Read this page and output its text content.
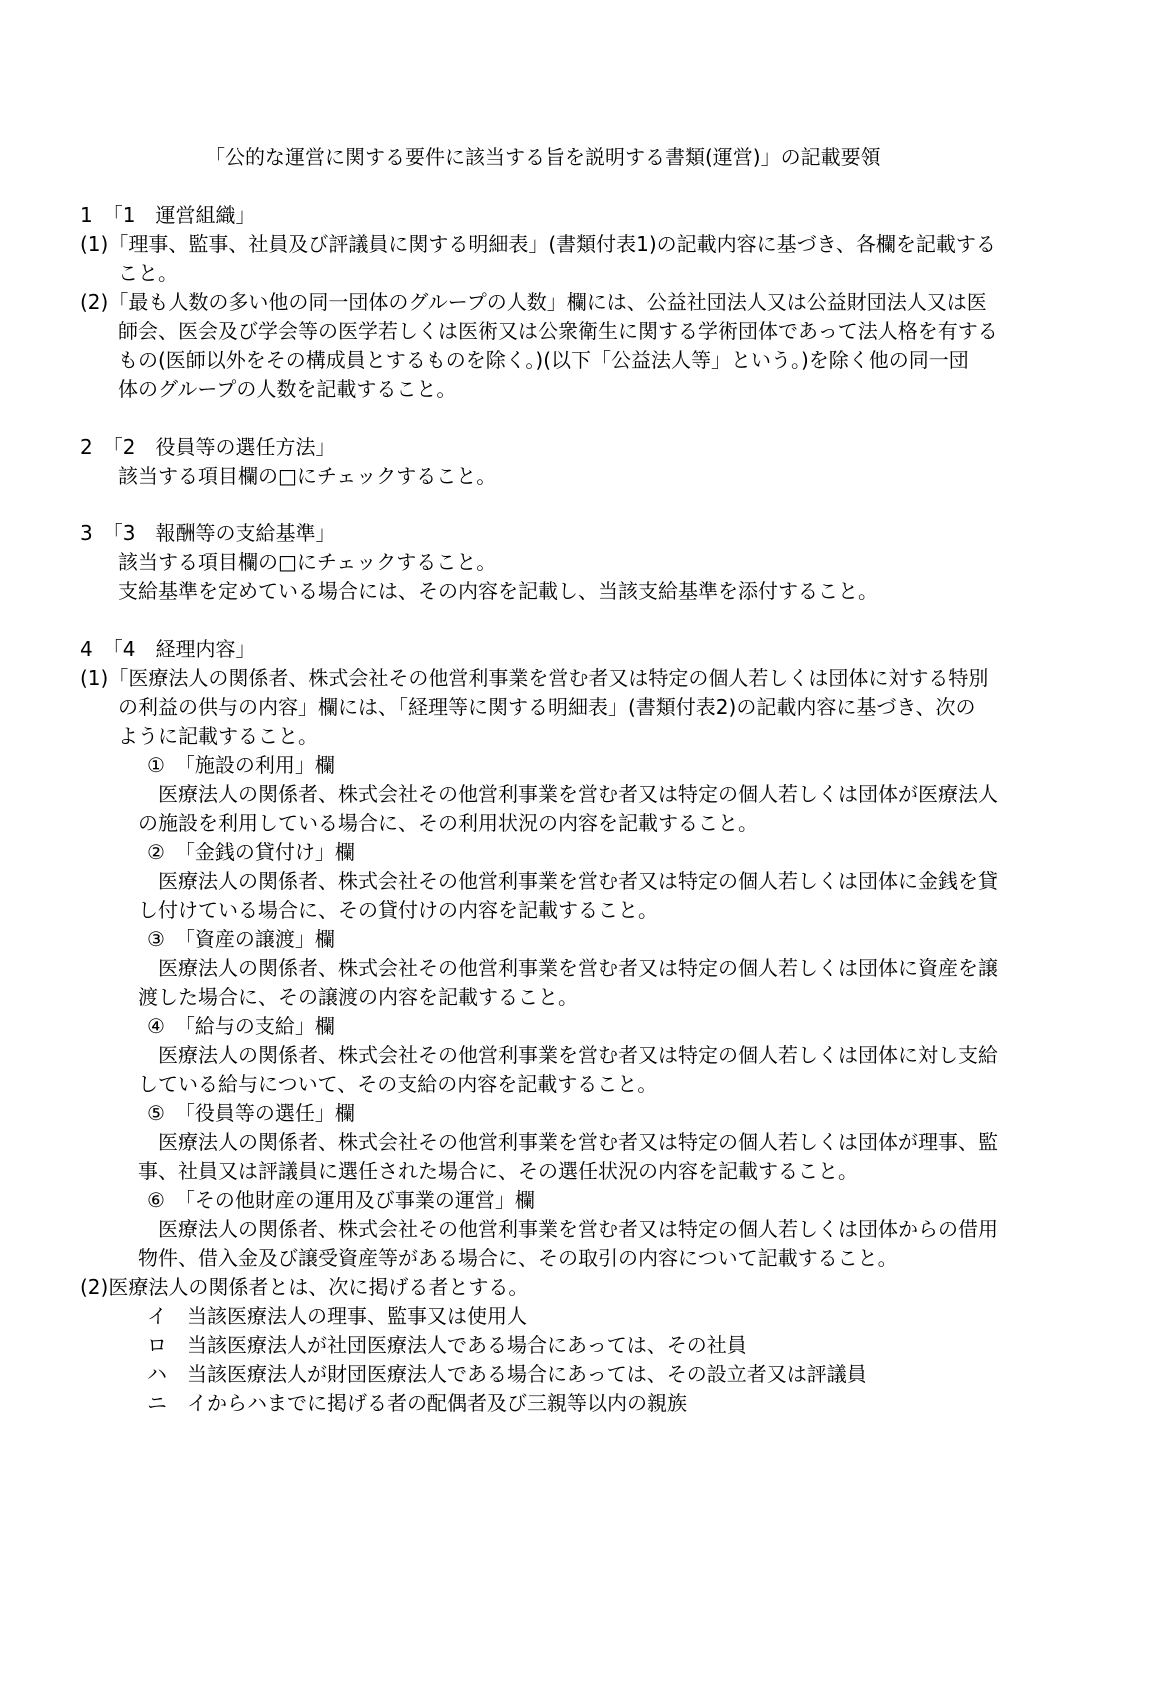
「公的な運営に関する要件に該当する旨を説明する書類(運営)」の記載要領
1　「1　運営組織」
(1)「理事、監事、社員及び評議員に関する明細表」(書類付表1)の記載内容に基づき、各欄を記載する
こと。
(2)「最も人数の多い他の同一団体のグループの人数」欄には、公益社団法人又は公益財団法人又は医
師会、医会及び学会等の医学若しくは医術又は公衆衛生に関する学術団体であって法人格を有する
もの(医師以外をその構成員とするものを除く。)(以下「公益法人等」という。)を除く他の同一団
体のグループの人数を記載すること。
2　「2　役員等の選任方法」
該当する項目欄の□にチェックすること。
3　「3　報酬等の支給基準」
該当する項目欄の□にチェックすること。
支給基準を定めている場合には、その内容を記載し、当該支給基準を添付すること。
4　「4　経理内容」
(1)「医療法人の関係者、株式会社その他営利事業を営む者又は特定の個人若しくは団体に対する特別
の利益の供与の内容」欄には、「経理等に関する明細表」(書類付表2)の記載内容に基づき、次の
ように記載すること。
①　「施設の利用」欄
医療法人の関係者、株式会社その他営利事業を営む者又は特定の個人若しくは団体が医療法人
の施設を利用している場合に、その利用状況の内容を記載すること。
②　「金銭の貸付け」欄
医療法人の関係者、株式会社その他営利事業を営む者又は特定の個人若しくは団体に金銭を貸
し付けている場合に、その貸付けの内容を記載すること。
③　「資産の譲渡」欄
医療法人の関係者、株式会社その他営利事業を営む者又は特定の個人若しくは団体に資産を譲
渡した場合に、その譲渡の内容を記載すること。
④　「給与の支給」欄
医療法人の関係者、株式会社その他営利事業を営む者又は特定の個人若しくは団体に対し支給
している給与について、その支給の内容を記載すること。
⑤　「役員等の選任」欄
医療法人の関係者、株式会社その他営利事業を営む者又は特定の個人若しくは団体が理事、監
事、社員又は評議員に選任された場合に、その選任状況の内容を記載すること。
⑥　「その他財産の運用及び事業の運営」欄
医療法人の関係者、株式会社その他営利事業を営む者又は特定の個人若しくは団体からの借用
物件、借入金及び譲受資産等がある場合に、その取引の内容について記載すること。
(2)医療法人の関係者とは、次に掲げる者とする。
イ　当該医療法人の理事、監事又は使用人
ロ　当該医療法人が社団医療法人である場合にあっては、その社員
ハ　当該医療法人が財団医療法人である場合にあっては、その設立者又は評議員
ニ　イからハまでに掲げる者の配偶者及び三親等以内の親族
